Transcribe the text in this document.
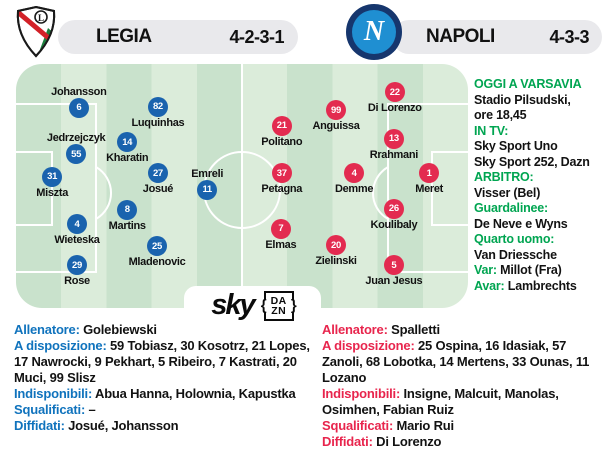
L
LEGIA	4-2-3-1	NAPOLI	4-3-3
N
6
Johansson
82
Luquinhas
55
Jedrzejczyk	14
Kharatin
31
Miszta
27
Josué	11
Emreli
8
Martins
4
Wieteska	25
Mladenovic
29
Rose
21
Politano
99
Anguissa
22
Di Lorenzo
13
Rrahmani
37
Petagna
4
Demme
1
Meret
26
Koulibaly
7
Elmas	20
Zielinski	5
Juan Jesus
sky { DA
ZN }
OGGI A VARSAVIA
Stadio Pilsudski,
ore 18,45
IN TV:
Sky Sport Uno
Sky Sport 252, Dazn
ARBITRO:
Visser (Bel)
Guardalinee:
De Neve e Wyns
Quarto uomo:
Van Driessche
Var: Millot (Fra)
Avar: Lambrechts
Allenatore: Golebiewski
A disposizione: 59 Tobiasz, 30 Kosotrz, 21 Lopes, 17 Nawrocki, 9 Pekhart, 5 Ribeiro, 7 Kastrati, 20 Muci, 99 Slisz
Indisponibili: Abua Hanna, Holownia, Kapustka
Squalificati: –
Diffidati: Josué, Johansson
Allenatore: Spalletti
A disposizione: 25 Ospina, 16 Idasiak, 57 Zanoli, 68 Lobotka, 14 Mertens, 33 Ounas, 11 Lozano
Indisponibili: Insigne, Malcuit, Manolas, Osimhen, Fabian Ruiz
Squalificati: Mario Rui
Diffidati: Di Lorenzo
